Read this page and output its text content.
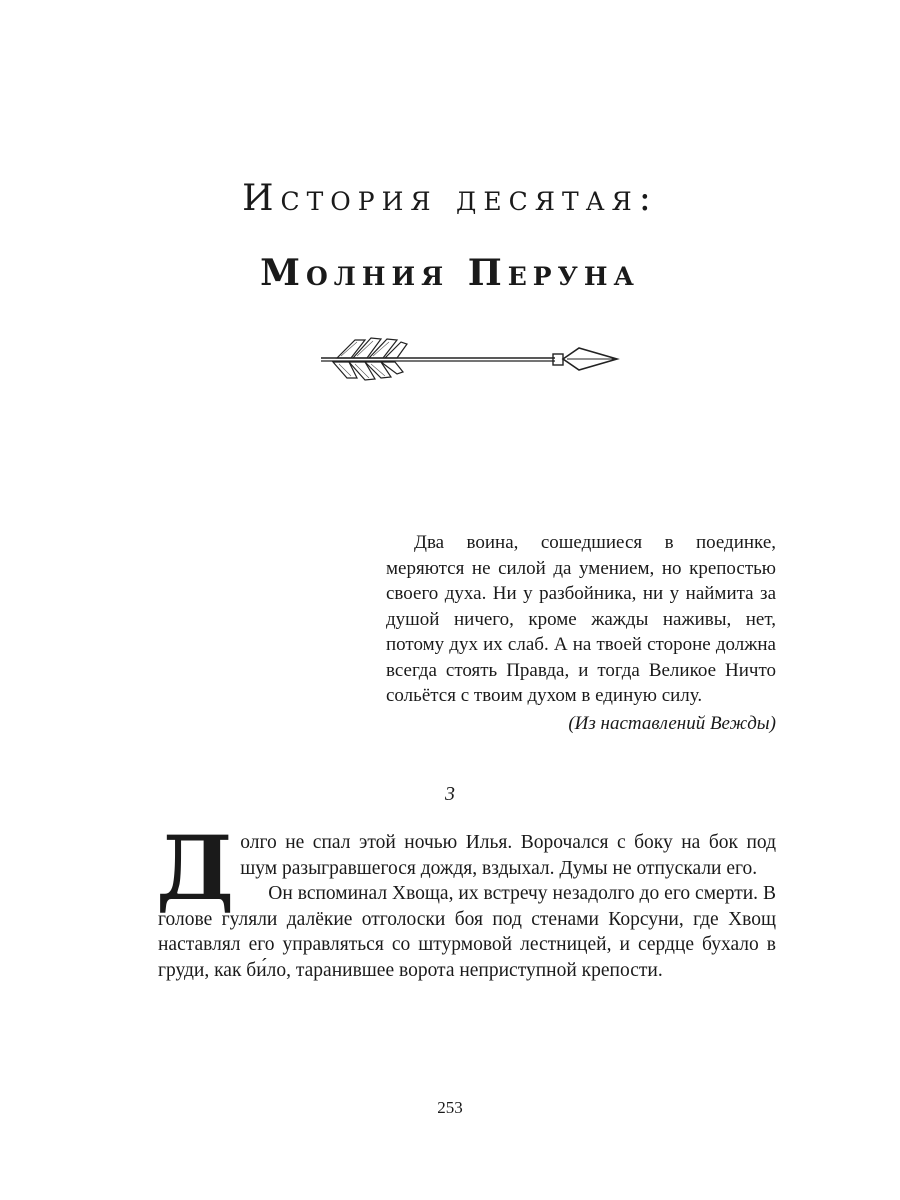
История десятая:
Молния Перуна

Два воина, сошедшиеся в поединке, меряются не силой да умением, но крепостью своего духа. Ни у разбойника, ни у наймита за душой ничего, кроме жажды наживы, нет, потому дух их слаб. А на твоей стороне должна всегда стоять Правда, и тогда Великое Ничто сольётся с твоим духом в единую силу.

(Из наставлений Вежды)
3

Долго не спал этой ночью Илья. Ворочался с боку на бок под шум разыгравшегося дождя, вздыхал. Думы не отпускали его.

Он вспоминал Хвоща, их встречу незадолго до его смерти. В голове гуляли далёкие отголоски боя под стенами Корсуни, где Хвощ наставлял его управляться со штурмовой лестницей, и сердце бухало в груди, как би́ло, таранившее ворота неприступной крепости.

253
